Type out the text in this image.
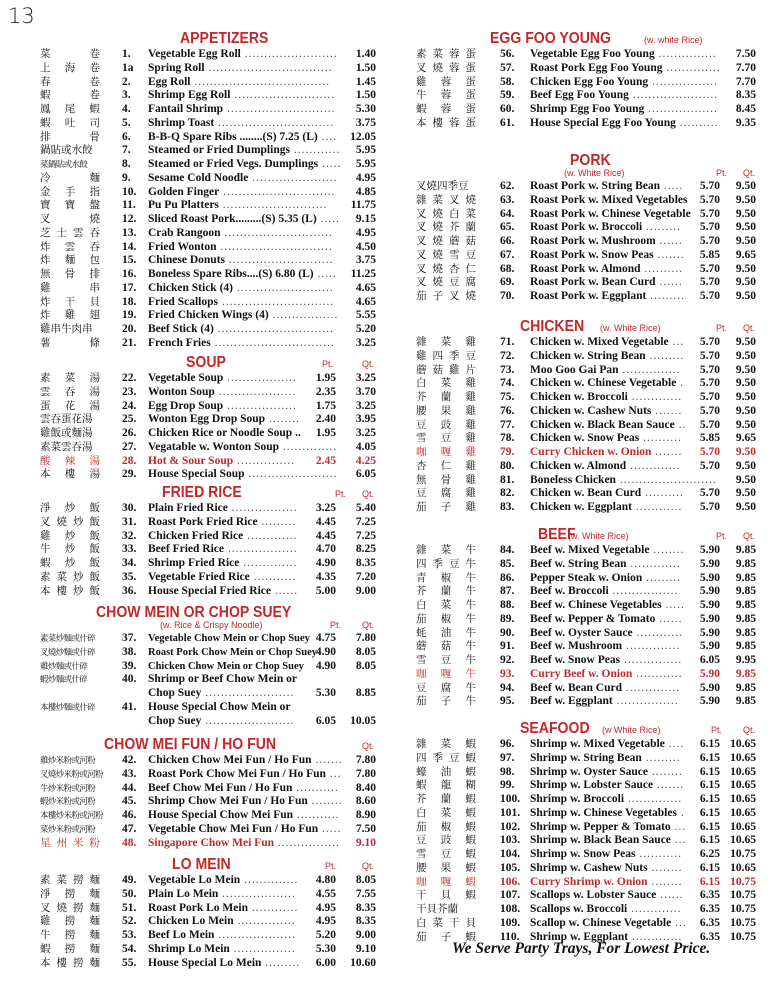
13
APPETIZERS
菜	卷 1. Vegetable Egg Roll ........................ 1.40
上 海 卷 1a Spring Roll ................................ 1.50
春	卷 2. Egg Roll ................................... 1.45
蝦	卷 3. Shrimp Egg Roll .......................... 1.50
鳳 尾 蝦 4. Fantail Shrimp ............................ 5.30
蝦 吐 司 5. Shrimp Toast .............................. 3.75
排	骨 6. B-B-Q Spare Ribs ........(S) 7.25 (L) .... 12.05
鍋貼或水餃	7. Steamed or Fried Dumplings ............ 5.95
菜鍋貼或水餃	8. Steamed or Fried Vegs. Dumplings ..... 5.95
冷	麵 9. Sesame Cold Noodle ...................... 4.95
金 手 指 10. Golden Finger ............................. 4.85
寶 寶 盤 11. Pu Pu Platters ........................... 11.75
叉	燒 12. Sliced Roast Pork.........(S) 5.35 (L) ..... 9.15
芝 士 雲 吞 13. Crab Rangoon ............................ 4.95
炸 雲 吞 14. Fried Wonton ............................. 4.50
炸 麵 包 15. Chinese Donuts ........................... 3.75
無 骨 排 16. Boneless Spare Ribs....(S) 6.80 (L) ..... 11.25
雞	串 17. Chicken Stick (4) ......................... 4.65
炸 干 貝 18. Fried Scallops ............................. 4.65
炸 雞 翅 19. Fried Chicken Wings (4) ................. 5.55
雞串牛肉串	20. Beef Stick (4) .............................. 5.20
薯	條 21. French Fries ............................... 3.25
SOUP	Pt.	Qt.
素 菜 湯 22. Vegetable Soup .................. 1.95 3.25
雲 吞 湯 23. Wonton Soup .................... 2.35 3.70
蛋 花 湯 24. Egg Drop Soup .................. 1.75 3.25
雲吞蛋花湯	25. Wonton Egg Drop Soup ........ 2.40 3.95
雞飯或麵湯	26. Chicken Rice or Noodle Soup .. 1.95 3.25
素菜雲吞湯	27. Vegatable w. Wonton Soup .............. 4.05
酸 辣 湯 28. Hot & Sour Soup ............... 2.45 4.25
本 樓 湯 29. House Special Soup ....................... 6.05
FRIED RICE	Pt. Qt.
淨 炒 飯 30. Plain Fried Rice ................. 3.25 5.40
叉 燒 炒 飯 31. Roast Pork Fried Rice ......... 4.45 7.25
雞 炒 飯 32. Chicken Fried Rice ............. 4.45 7.25
牛 炒 飯 33. Beef Fried Rice .................. 4.70 8.25
蝦 炒 飯 34. Shrimp Fried Rice .............. 4.90 8.35
素 菜 炒 飯 35. Vegetable Fried Rice ........... 4.35 7.20
本 樓 炒 飯 36. House Special Fried Rice ...... 5.00 9.00
CHOW MEIN OR CHOP SUEY
(w. Rice & Crispy Noodle)	Pt. Qt.
素菜炒麵或什碎	37. Vegetable Chow Mein or Chop Suey 4.75 7.80
叉燒炒麵或什碎	38. Roast Pork Chow Mein or Chop Suey
4.90 8.05
雞炒麵或什碎	39. Chicken Chow Mein or Chop Suey 4.90 8.05
蝦炒麵或什碎	40. Shrimp or Beef Chow Mein or
Chop Suey ....................... 5.30 8.85
本樓炒麵或什碎	41. House Special Chow Mein or
Chop Suey ....................... 6.05 10.05
CHOW MEI FUN / HO FUN	Qt.
雞炒米粉或河粉	42. Chicken Chow Mei Fun / Ho Fun ....... 7.80
叉燒炒米粉或河粉 43. Roast Pork Chow Mei Fun / Ho Fun ... 7.80
牛炒米粉或河粉	44. Beef Chow Mei Fun / Ho Fun ........... 8.40
蝦炒米粉或河粉	45. Shrimp Chow Mei Fun / Ho Fun ........ 8.60
本樓炒米粉或河粉 46. House Special Chow Mei Fun ........... 8.90
菜炒米粉或河粉	47. Vegetable Chow Mei Fun / Ho Fun ..... 7.50
星 州 米 粉 48. Singapore Chow Mei Fun ................ 9.10
LO MEIN	Pt.	Qt.
素 菜 撈 麵 49. Vegetable Lo Mein .............. 4.80 8.05
淨 撈 麵 50. Plain Lo Mein ................... 4.55 7.55
叉 燒 撈 麵 51. Roast Pork Lo Mein ............ 4.95 8.35
雞 撈 麵 52. Chicken Lo Mein ............... 4.95 8.35
牛 撈 麵 53. Beef Lo Mein .................... 5.20 9.00
蝦 撈 麵 54. Shrimp Lo Mein ................ 5.30 9.10
本 樓 撈 麵 55. House Special Lo Mein ......... 6.00 10.60
EGG FOO YOUNG	(w. white Rice)
素 菜 蓉 蛋 56. Vegetable Egg Foo Young ............... 7.50
叉 燒 蓉 蛋 57. Roast Pork Egg Foo Young .............. 7.70
雞 蓉 蛋 58. Chicken Egg Foo Young ................. 7.70
牛 蓉 蛋 59. Beef Egg Foo Young ...................... 8.35
蝦 蓉 蛋 60. Shrimp Egg Foo Young .................. 8.45
本 樓 蓉 蛋 61. House Special Egg Foo Young .......... 9.35
PORK
(w. White Rice)	Pt. Qt.
叉燒四季豆	62. Roast Pork w. String Bean ..... 5.70 9.50
雜 菜 叉 燒 63. Roast Pork w. Mixed Vegetables 5.70 9.50
叉 燒 白 菜 64. Roast Pork w. Chinese Vegetable 5.70 9.50
叉 燒 芥 蘭 65. Roast Pork w. Broccoli ......... 5.70 9.50
叉 燒 蘑 菇 66. Roast Pork w. Mushroom ...... 5.70 9.50
叉 燒 雪 豆 67. Roast Pork w. Snow Peas ....... 5.85 9.65
叉 燒 杏 仁 68. Roast Pork w. Almond .......... 5.70 9.50
叉 燒 豆 腐 69. Roast Pork w. Bean Curd ...... 5.70 9.50
茄 子 叉 燒 70. Roast Pork w. Eggplant ......... 5.70 9.50
CHICKEN (w. White Rice)	Pt. Qt.
雜 菜 雞 71. Chicken w. Mixed Vegetable ... 5.70 9.50
雞 四 季 豆 72. Chicken w. String Bean ......... 5.70 9.50
蘑 菇 雞 片 73. Moo Goo Gai Pan ............... 5.70 9.50
白 菜 雞 74. Chicken w. Chinese Vegetable . 5.70 9.50
芥 蘭 雞 75. Chicken w. Broccoli ............. 5.70 9.50
腰 果 雞 76. Chicken w. Cashew Nuts ....... 5.70 9.50
豆 豉 雞 77. Chicken w. Black Bean Sauce .. 5.70 9.50
雪 豆 雞 78. Chicken w. Snow Peas .......... 5.85 9.65
咖 喱 雞 79. Curry Chicken w. Onion ....... 5.70 9.50
杏 仁 雞 80. Chicken w. Almond ............. 5.70 9.50
無 骨 雞 81. Boneless Chicken ......................... 9.50
豆 腐 雞 82. Chicken w. Bean Curd .......... 5.70 9.50
茄 子 雞 83. Chicken w. Eggplant ............ 5.70 9.50
BEEF
(w. White Rice)	Pt. Qt.
雜 菜 牛 84. Beef w. Mixed Vegetable ........ 5.90 9.85
四 季 豆 牛 85. Beef w. String Bean ............. 5.90 9.85
青 椒 牛 86. Pepper Steak w. Onion ......... 5.90 9.85
芥 蘭 牛 87. Beef w. Broccoli ................. 5.90 9.85
白 菜 牛 88. Beef w. Chinese Vegetables ..... 5.90 9.85
茄 椒 牛 89. Beef w. Pepper & Tomato ...... 5.90 9.85
蚝 油 牛 90. Beef w. Oyster Sauce ............ 5.90 9.85
蘑 菇 牛 91. Beef w. Mushroom .............. 5.90 9.85
雪 豆 牛 92. Beef w. Snow Peas ............... 6.05 9.95
咖 喱 牛 93. Curry Beef w. Onion ............ 5.90 9.85
豆 腐 牛 94. Beef w. Bean Curd .............. 5.90 9.85
茄 子 牛 95. Beef w. Eggplant ................ 5.90 9.85
SEAFOOD (w White Rice)	Pt. Qt.
雜 菜 蝦 96. Shrimp w. Mixed Vegetable .... 6.15 10.65
四 季 豆 蝦 97. Shrimp w. String Bean ......... 6.15 10.65
蠔 油 蝦 98. Shrimp w. Oyster Sauce ........ 6.15 10.65
蝦 龍 糊 99. Shrimp w. Lobster Sauce ....... 6.15 10.65
芥 蘭 蝦 100. Shrimp w. Broccoli .............. 6.15 10.65
白 菜 蝦 101. Shrimp w. Chinese Vegetables . 6.15 10.65
茄 椒 蝦 102. Shrimp w. Pepper & Tomato ... 6.15 10.65
豆 豉 蝦 103. Shrimp w. Black Bean Sauce ... 6.15 10.65
雪 豆 蝦 104. Shrimp w. Snow Peas ........... 6.25 10.75
腰 果 蝦 105. Shrimp w. Cashew Nuts ........ 6.15 10.65
咖 喱 蝦 106. Curry Shrimp w. Onion ........ 6.15 10.75
干 貝 蝦 107. Scallops w. Lobster Sauce ...... 6.35 10.75
干貝芥蘭	108. Scallops w. Broccoli ............. 6.35 10.75
白 菜 干 貝 109. Scallop w. Chinese Vegetable ... 6.35 10.75
茄 子 蝦 110. Shrimp w. Eggplant ............. 6.35 10.75
We Serve Party Trays, For Lowest Price.
